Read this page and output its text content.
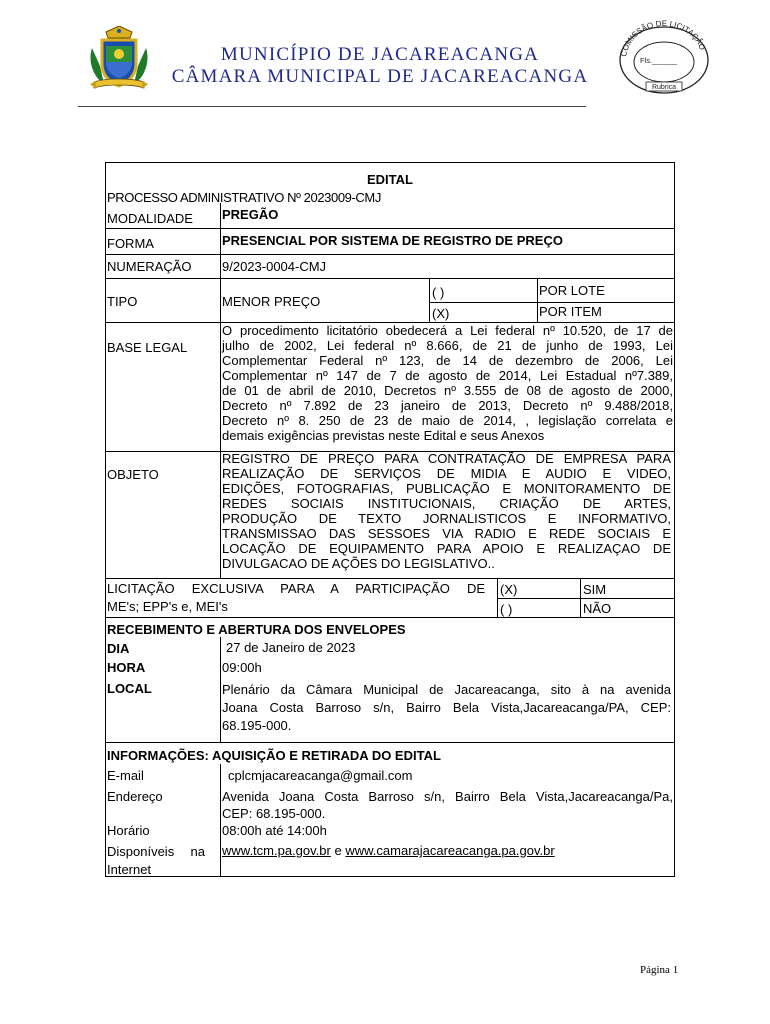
MUNICÍPIO DE JACAREACANGA
CÂMARA MUNICIPAL DE JACAREACANGA
COMISSÃO DE LICITAÇÃO
Fls.______
Rubrica
EDITAL
PROCESSO ADMINISTRATIVO Nº 2023009-CMJ
MODALIDADE PREGÃO
FORMA	PRESENCIAL POR SISTEMA DE REGISTRO DE PREÇO
NUMERAÇÃO 9/2023-0004-CMJ
TIPO	MENOR PREÇO
( )	POR LOTE
(X)	POR ITEM
BASE LEGAL
O procedimento licitatório obedecerá a Lei federal nº 10.520, de 17 de
julho de 2002, Lei federal nº 8.666, de 21 de junho de 1993, Lei
Complementar Federal nº 123, de 14 de dezembro de 2006, Lei
Complementar nº 147 de 7 de agosto de 2014, Lei Estadual nº7.389,
de 01 de abril de 2010, Decretos nº 3.555 de 08 de agosto de 2000,
Decreto nº 7.892 de 23 janeiro de 2013, Decreto nº 9.488/2018,
Decreto nº 8. 250 de 23 de maio de 2014, , legislação correlata e
demais exigências previstas neste Edital e seus Anexos
OBJETO
REGISTRO DE PREÇO PARA CONTRATAÇÃO DE EMPRESA PARA
REALIZAÇÃO DE SERVIÇOS DE MIDIA E AUDIO E VIDEO,
EDIÇÕES, FOTOGRAFIAS, PUBLICAÇÃO E MONITORAMENTO DE
REDES SOCIAIS INSTITUCIONAIS, CRIAÇÃO DE ARTES,
PRODUÇÃO DE TEXTO JORNALISTICOS E INFORMATIVO,
TRANSMISSAO DAS SESSOES VIA RADIO E REDE SOCIAIS E
LOCAÇÃO DE EQUIPAMENTO PARA APOIO E REALIZAÇAO DE
DIVULGACAO DE AÇÕES DO LEGISLATIVO..
LICITAÇÃO EXCLUSIVA PARA A PARTICIPAÇÃO DE
ME's; EPP's e, MEI's
(X)	SIM
( )	NÃO
RECEBIMENTO E ABERTURA DOS ENVELOPES
DIA	27 de Janeiro de 2023
HORA	09:00h
LOCAL	Plenário da Câmara Municipal de Jacareacanga, sito à na avenida
Joana Costa Barroso s/n, Bairro Bela Vista,Jacareacanga/PA, CEP:
68.195-000.
INFORMAÇÕES: AQUISIÇÃO E RETIRADA DO EDITAL
E-mail	cplcmjacareacanga@gmail.com
Endereço	Avenida Joana Costa Barroso s/n, Bairro Bela Vista,Jacareacanga/Pa,
CEP: 68.195-000.
Horário	08:00h até 14:00h
Disponíveis na
Internet
www.tcm.pa.gov.br e www.camarajacareacanga.pa.gov.br
Página 1
